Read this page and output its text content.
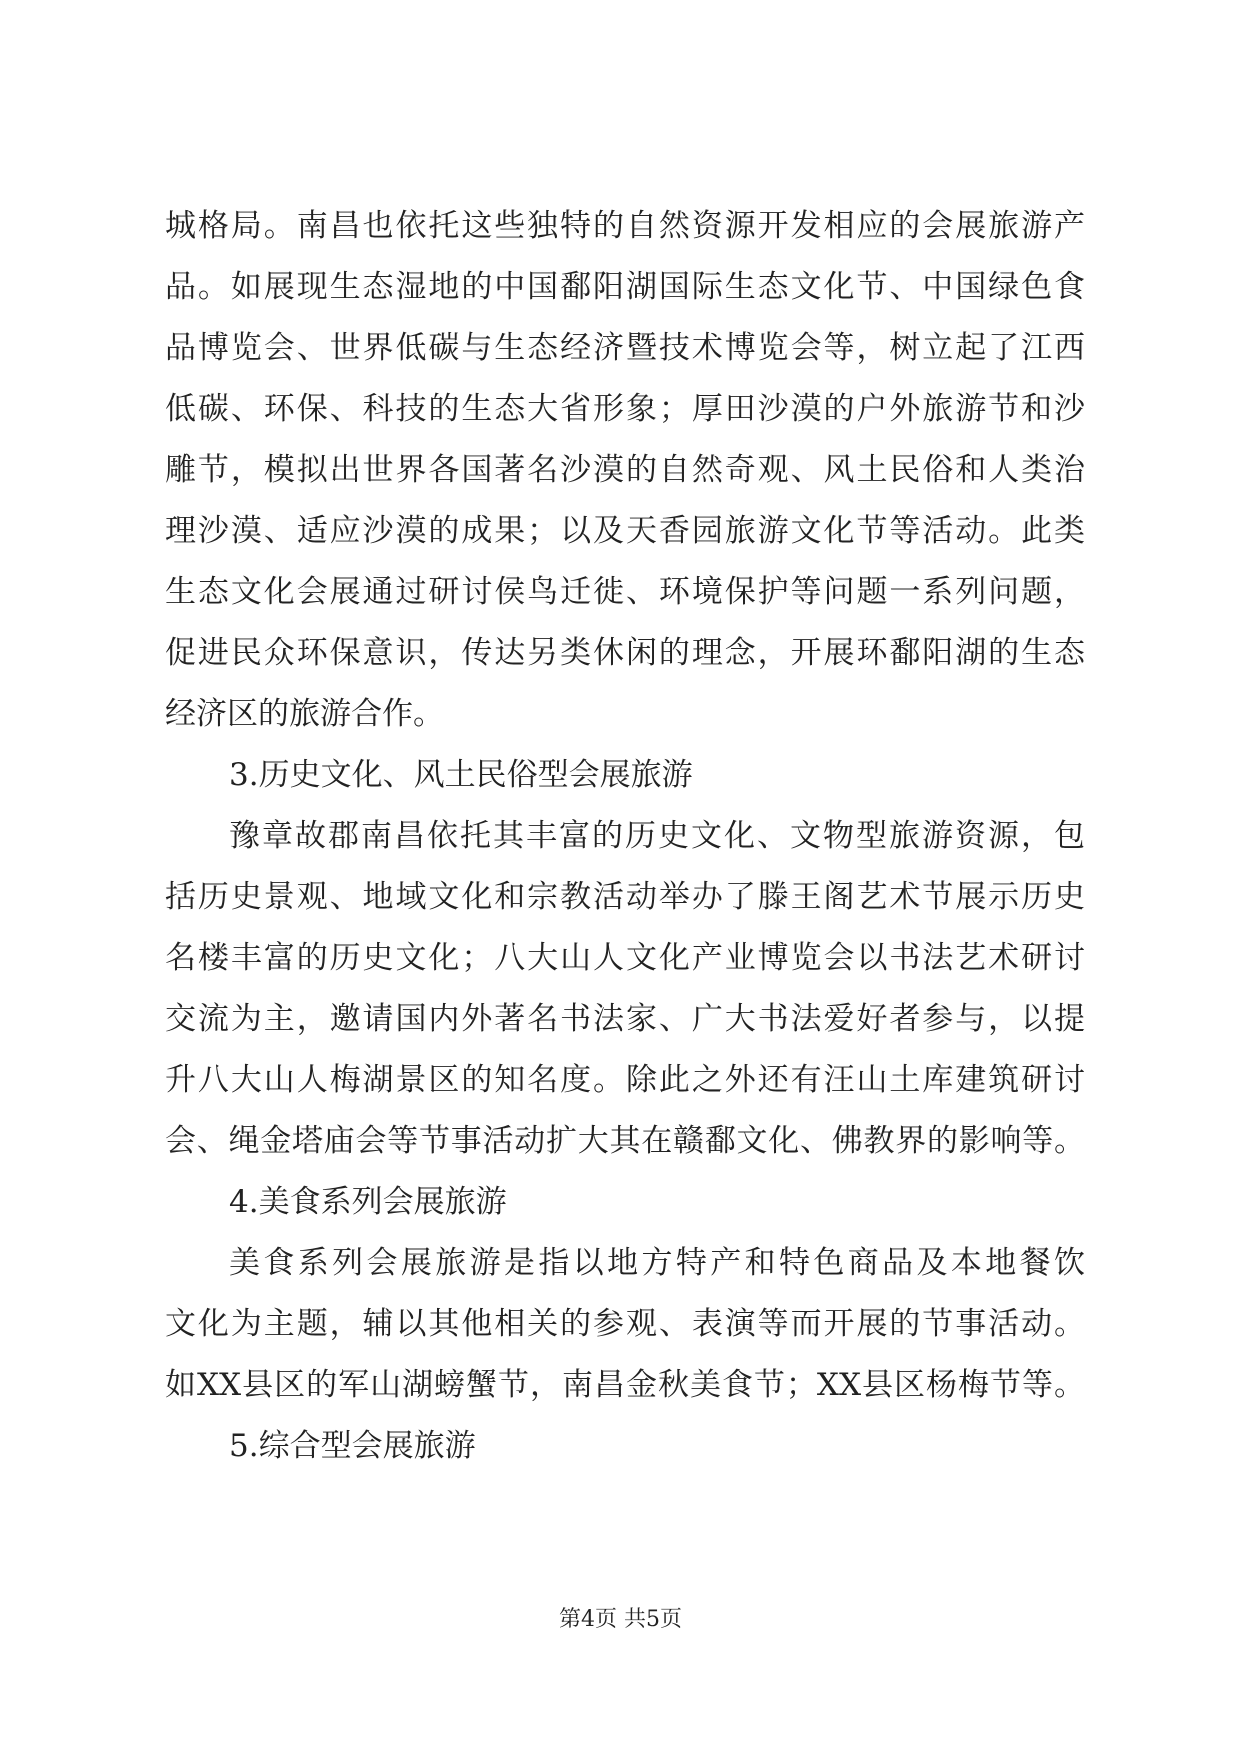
城格局。南昌也依托这些独特的自然资源开发相应的会展旅游产
品。如展现生态湿地的中国鄱阳湖国际生态文化节、中国绿色食
品博览会、世界低碳与生态经济暨技术博览会等，树立起了江西
低碳、环保、科技的生态大省形象；厚田沙漠的户外旅游节和沙
雕节，模拟出世界各国著名沙漠的自然奇观、风土民俗和人类治
理沙漠、适应沙漠的成果；以及天香园旅游文化节等活动。此类
生态文化会展通过研讨侯鸟迁徙、环境保护等问题一系列问题，
促进民众环保意识，传达另类休闲的理念，开展环鄱阳湖的生态
经济区的旅游合作。
3.历史文化、风土民俗型会展旅游
豫章故郡南昌依托其丰富的历史文化、文物型旅游资源，包
括历史景观、地域文化和宗教活动举办了滕王阁艺术节展示历史
名楼丰富的历史文化；八大山人文化产业博览会以书法艺术研讨
交流为主，邀请国内外著名书法家、广大书法爱好者参与，以提
升八大山人梅湖景区的知名度。除此之外还有汪山土库建筑研讨
会、绳金塔庙会等节事活动扩大其在赣鄱文化、佛教界的影响等。
4.美食系列会展旅游
美食系列会展旅游是指以地方特产和特色商品及本地餐饮
文化为主题，辅以其他相关的参观、表演等而开展的节事活动。
如XX县区的军山湖螃蟹节，南昌金秋美食节；XX县区杨梅节等。
5.综合型会展旅游
第4页 共5页
